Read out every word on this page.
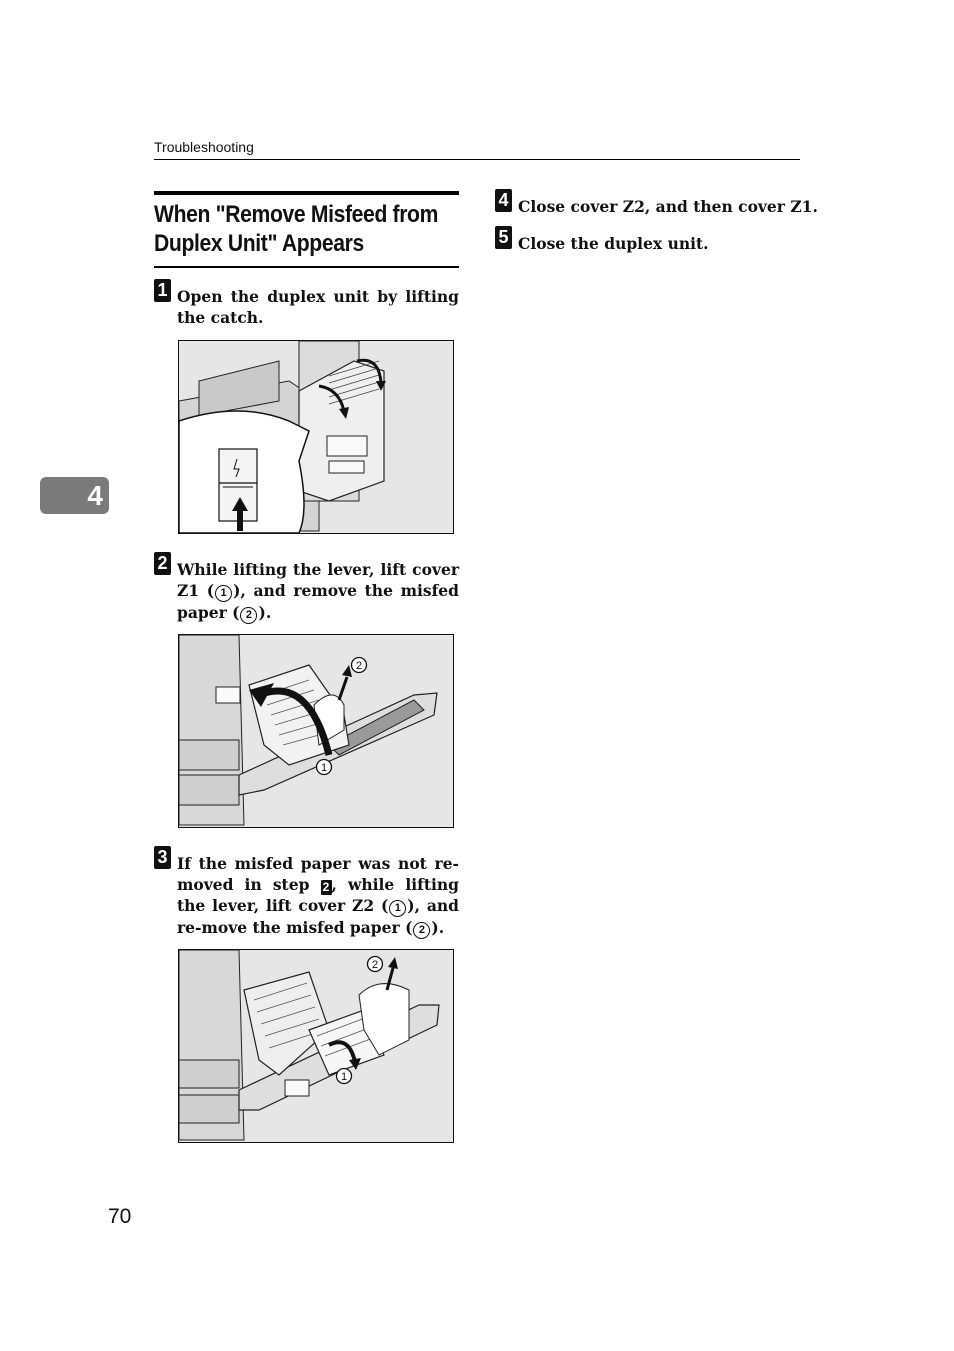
Troubleshooting
When "Remove Misfeed from
Duplex Unit" Appears
1 Open the duplex unit by lifting the catch.
2 While lifting the lever, lift cover Z1 ( 1 ), and remove the misfed paper ( 2 ).
2
1
3 If the misfed paper was not re-moved in step 2 , while lifting the lever, lift cover Z2 ( 1 ), and re-move the misfed paper ( 2 ).
2
1
4 Close cover Z2, and then cover Z1.
5 Close the duplex unit.
4
70
